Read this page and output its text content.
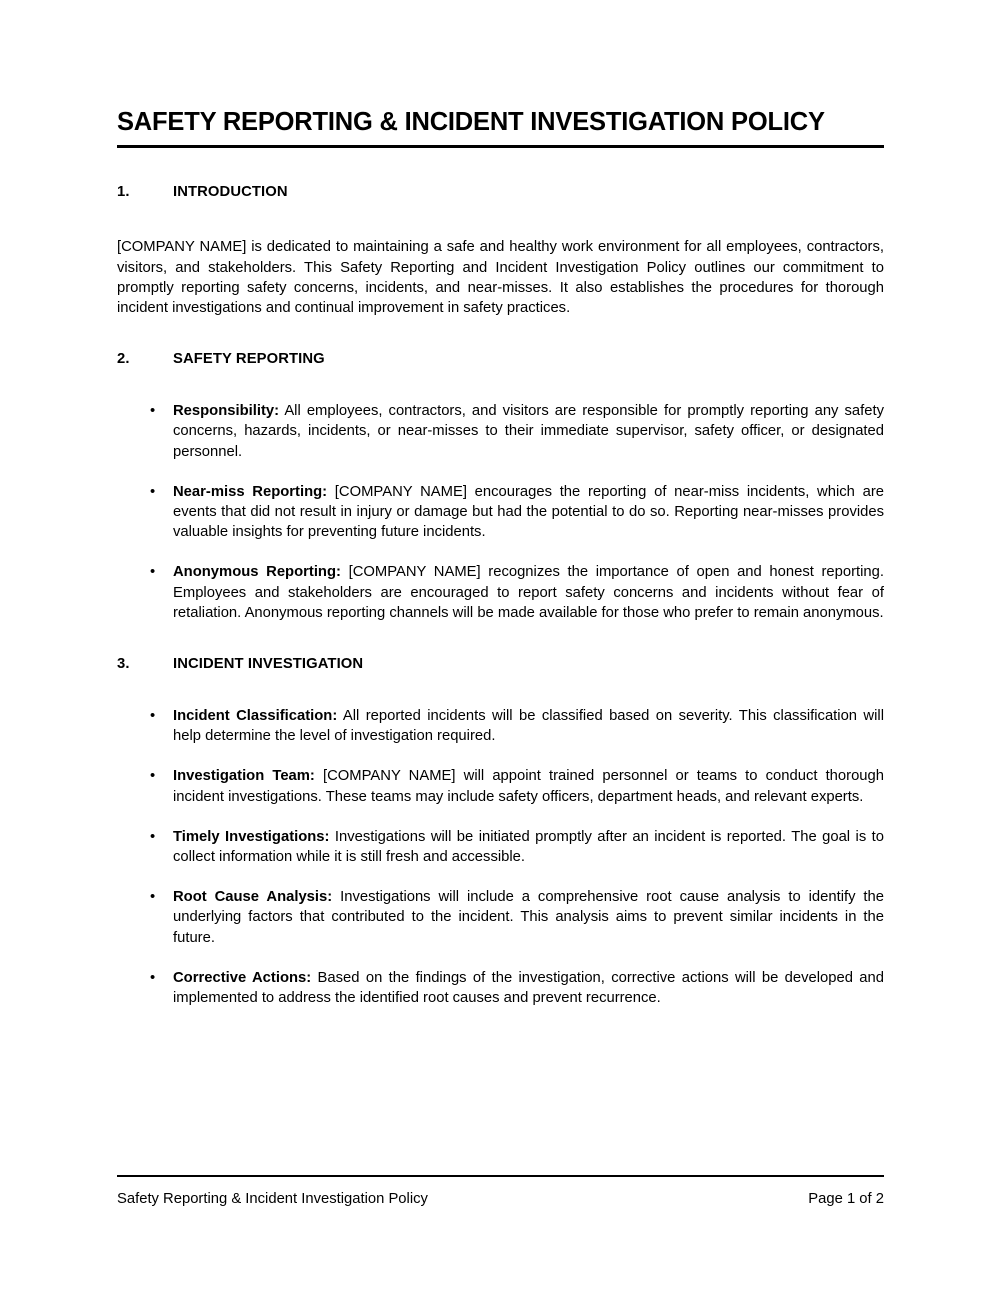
SAFETY REPORTING & INCIDENT INVESTIGATION POLICY
1.	INTRODUCTION

[COMPANY NAME] is dedicated to maintaining a safe and healthy work environment for all employees, contractors, visitors, and stakeholders. This Safety Reporting and Incident Investigation Policy outlines our commitment to promptly reporting safety concerns, incidents, and near-misses. It also establishes the procedures for thorough incident investigations and continual improvement in safety practices.

2.	SAFETY REPORTING
• Responsibility: All employees, contractors, and visitors are responsible for promptly reporting any safety concerns, hazards, incidents, or near-misses to their immediate supervisor, safety officer, or designated personnel.
• Near-miss Reporting: [COMPANY NAME] encourages the reporting of near-miss incidents, which are events that did not result in injury or damage but had the potential to do so. Reporting near-misses provides valuable insights for preventing future incidents.
• Anonymous Reporting: [COMPANY NAME] recognizes the importance of open and honest reporting. Employees and stakeholders are encouraged to report safety concerns and incidents without fear of retaliation. Anonymous reporting channels will be made available for those who prefer to remain anonymous.
3.	INCIDENT INVESTIGATION
• Incident Classification: All reported incidents will be classified based on severity. This classification will help determine the level of investigation required.
• Investigation Team: [COMPANY NAME] will appoint trained personnel or teams to conduct thorough incident investigations. These teams may include safety officers, department heads, and relevant experts.
• Timely Investigations: Investigations will be initiated promptly after an incident is reported. The goal is to collect information while it is still fresh and accessible.
• Root Cause Analysis: Investigations will include a comprehensive root cause analysis to identify the underlying factors that contributed to the incident. This analysis aims to prevent similar incidents in the future.
• Corrective Actions: Based on the findings of the investigation, corrective actions will be developed and implemented to address the identified root causes and prevent recurrence.
Safety Reporting & Incident Investigation Policy	Page 1 of 2
